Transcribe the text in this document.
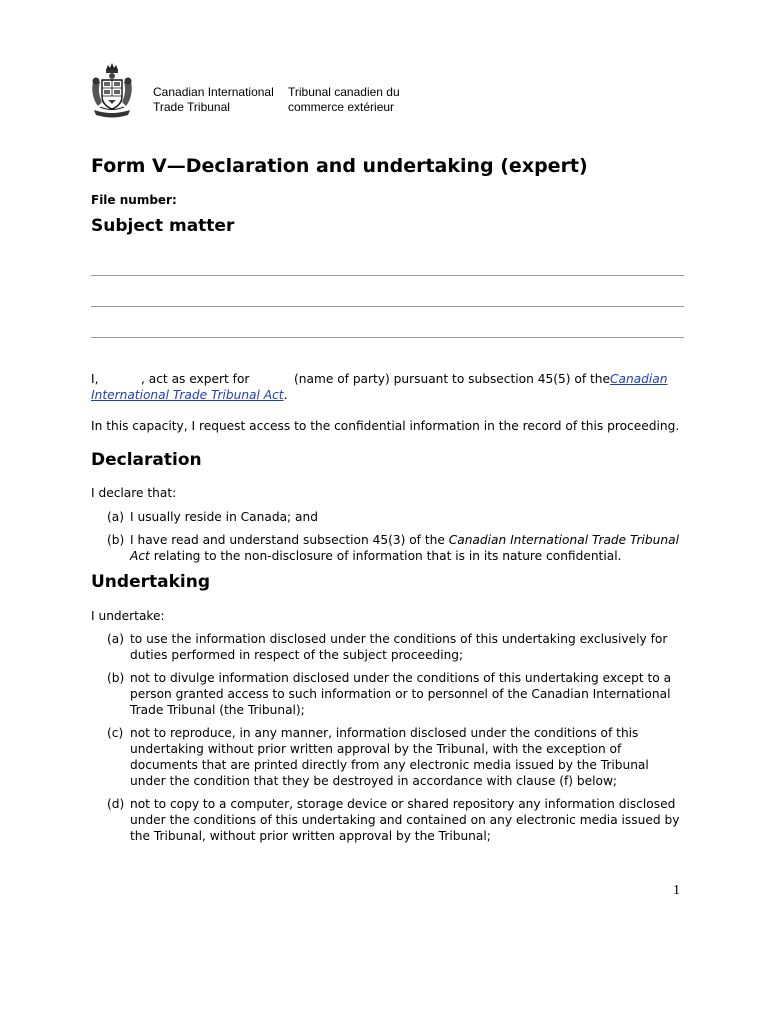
Canadian International
Trade Tribunal
Tribunal canadien du
commerce extérieur
Form V—Declaration and undertaking (expert)
File number:
Subject matter
I,	, act as expert for	(name of party) pursuant to subsection 45(5) of the Canadian
International Trade Tribunal Act.
In this capacity, I request access to the confidential information in the record of this proceeding.
Declaration
I declare that:
(a) I usually reside in Canada; and
(b) I have read and understand subsection 45(3) of the Canadian International Trade Tribunal Act relating to the non-disclosure of information that is in its nature confidential.
Undertaking
I undertake:
(a) to use the information disclosed under the conditions of this undertaking exclusively for duties performed in respect of the subject proceeding;
(b) not to divulge information disclosed under the conditions of this undertaking except to a person granted access to such information or to personnel of the Canadian International Trade Tribunal (the Tribunal);
(c) not to reproduce, in any manner, information disclosed under the conditions of this undertaking without prior written approval by the Tribunal, with the exception of documents that are printed directly from any electronic media issued by the Tribunal under the condition that they be destroyed in accordance with clause (f) below;
(d) not to copy to a computer, storage device or shared repository any information disclosed under the conditions of this undertaking and contained on any electronic media issued by the Tribunal, without prior written approval by the Tribunal;
1
